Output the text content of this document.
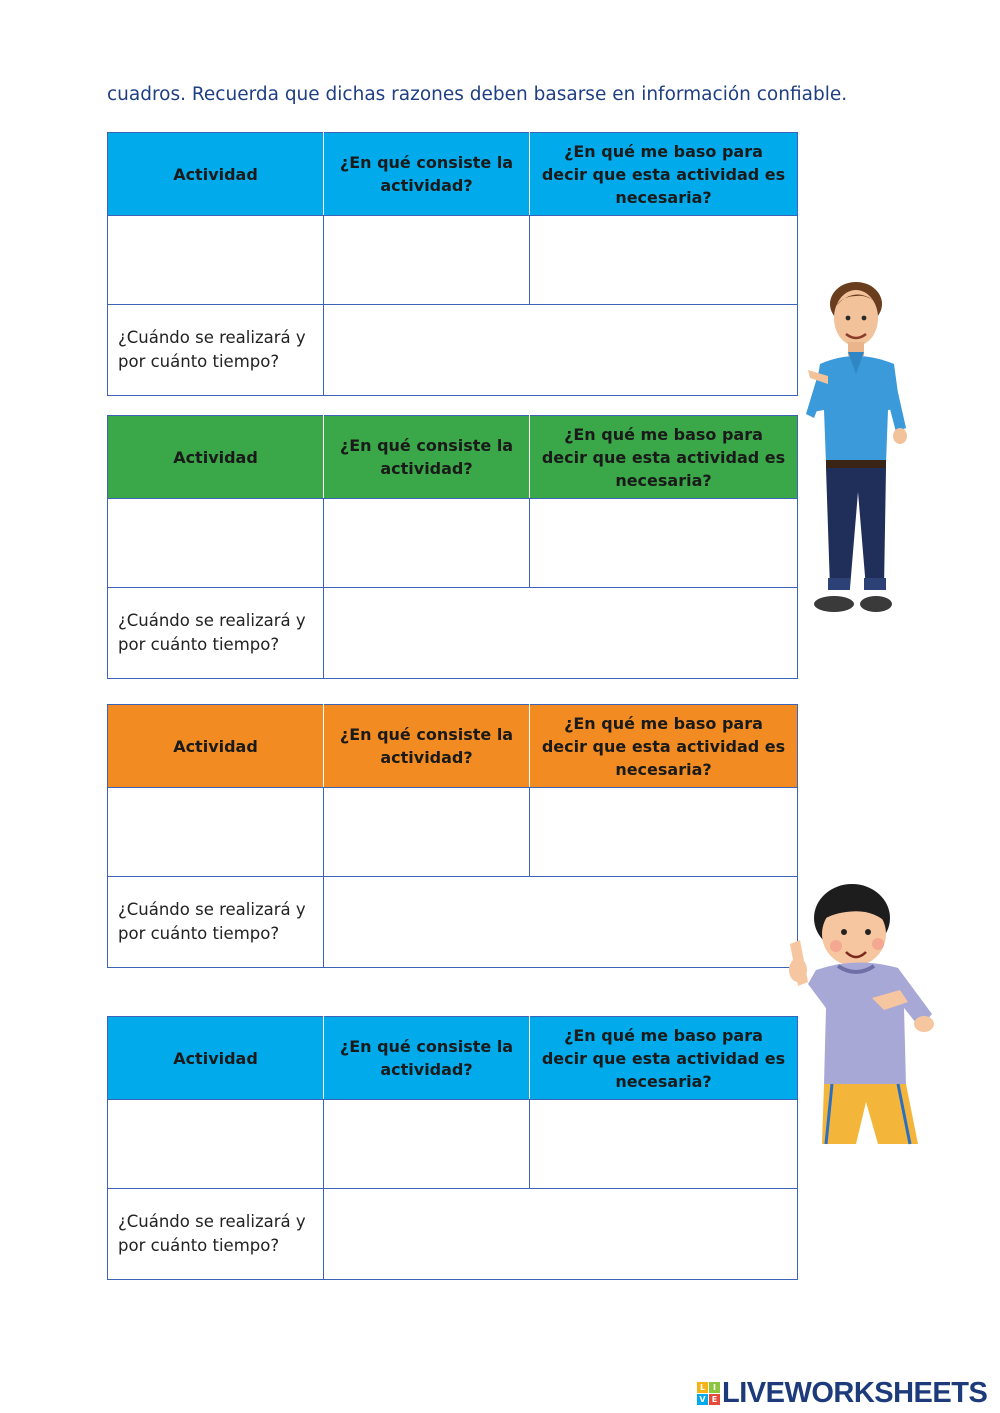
cuadros. Recuerda que dichas razones deben basarse en información confiable.
Actividad	¿En qué consiste la actividad?	¿En qué me baso para decir que esta actividad es necesaria?

¿Cuándo se realizará y por cuánto tiempo?		
Actividad	¿En qué consiste la actividad?	¿En qué me baso para decir que esta actividad es necesaria?

¿Cuándo se realizará y por cuánto tiempo?		
Actividad	¿En qué consiste la actividad?	¿En qué me baso para decir que esta actividad es necesaria?

¿Cuándo se realizará y por cuánto tiempo?		
Actividad	¿En qué consiste la actividad?	¿En qué me baso para decir que esta actividad es necesaria?

¿Cuándo se realizará y por cuánto tiempo?		
L I
V E LIVEWORKSHEETS
